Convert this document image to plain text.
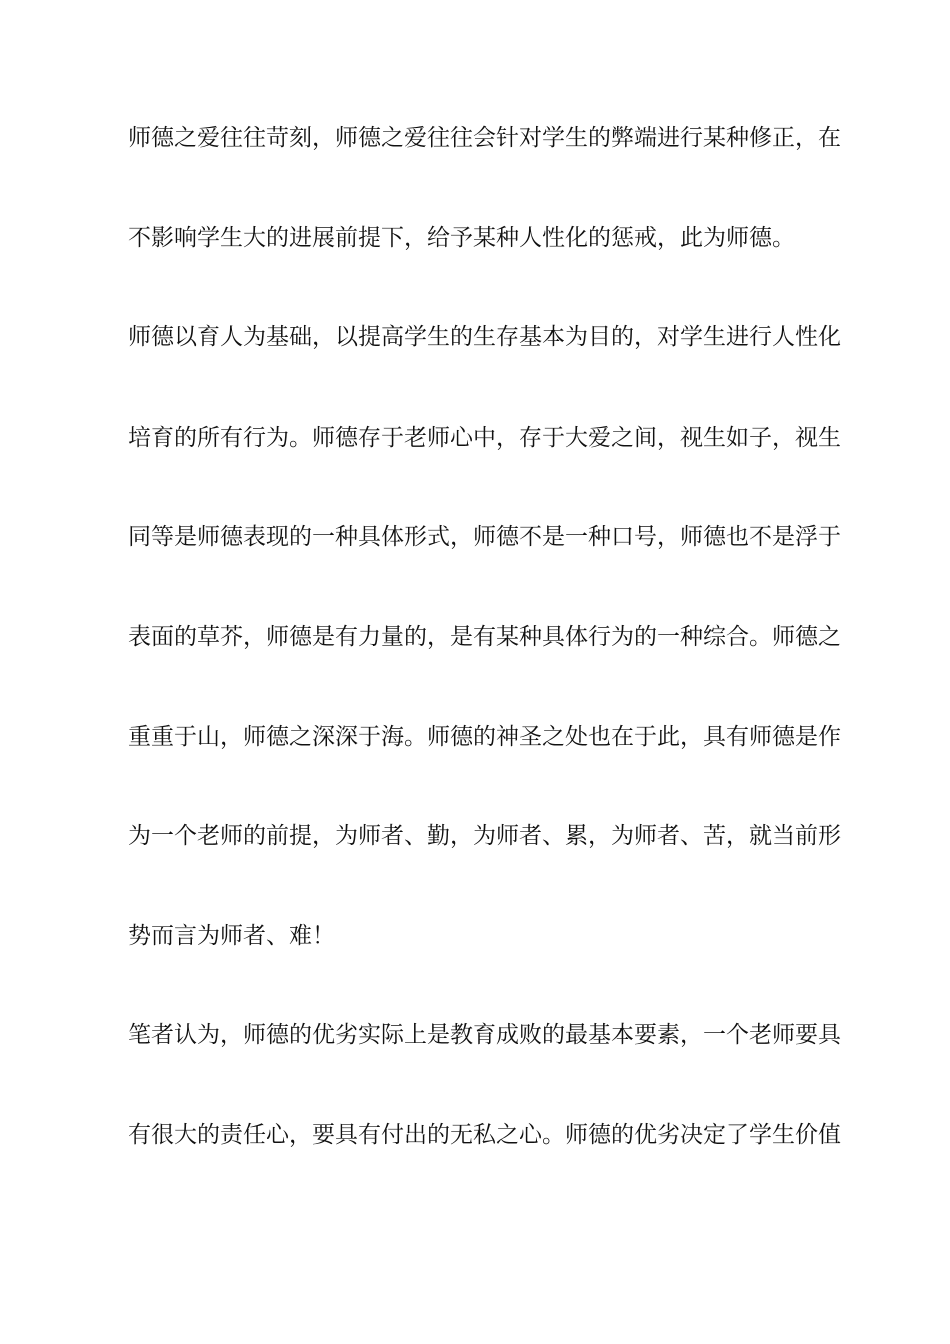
师德之爱往往苛刻，师德之爱往往会针对学生的弊端进行某种修正，在
不影响学生大的进展前提下，给予某种人性化的惩戒，此为师德。
师德以育人为基础，以提高学生的生存基本为目的，对学生进行人性化
培育的所有行为。师德存于老师心中，存于大爱之间，视生如子，视生
同等是师德表现的一种具体形式，师德不是一种口号，师德也不是浮于
表面的草芥，师德是有力量的，是有某种具体行为的一种综合。师德之
重重于山，师德之深深于海。师德的神圣之处也在于此，具有师德是作
为一个老师的前提，为师者、勤，为师者、累，为师者、苦，就当前形
势而言为师者、难！
笔者认为，师德的优劣实际上是教育成败的最基本要素，一个老师要具
有很大的责任心，要具有付出的无私之心。师德的优劣决定了学生价值
